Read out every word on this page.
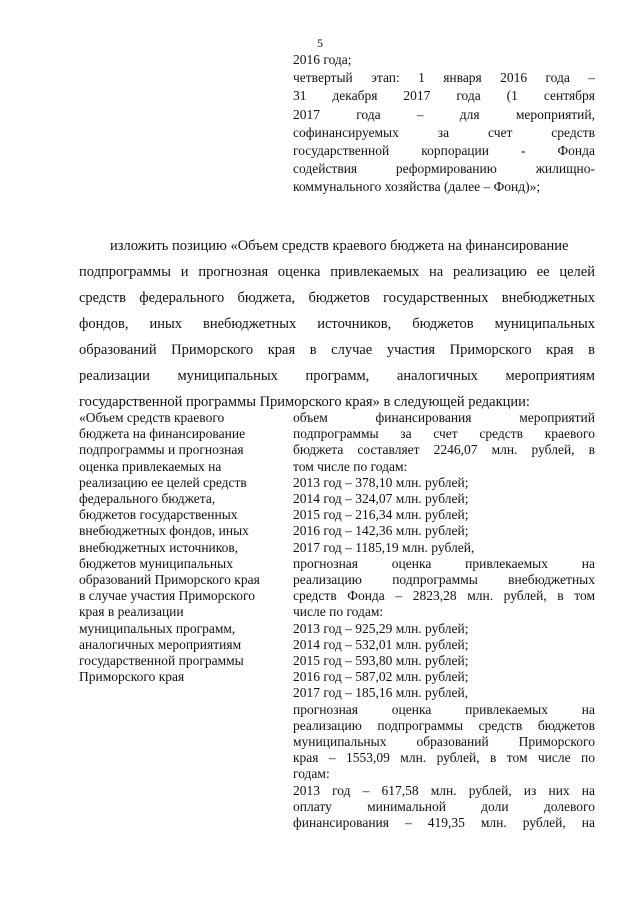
5
2016 года;
четвертый этап: 1 января 2016 года –
31 декабря 2017 года (1 сентября
2017 года – для мероприятий,
софинансируемых за счет средств
государственной корпорации - Фонда
содействия реформированию жилищно-
коммунального хозяйства (далее – Фонд)»;
изложить позицию «Объем средств краевого бюджета на финансирование
подпрограммы и прогнозная оценка привлекаемых на реализацию ее целей
средств федерального бюджета, бюджетов государственных внебюджетных
фондов, иных внебюджетных источников, бюджетов муниципальных
образований Приморского края в случае участия Приморского края в
реализации муниципальных программ, аналогичных мероприятиям
государственной программы Приморского края» в следующей редакции:
«Объем средств краевого
бюджета на финансирование
подпрограммы и прогнозная
оценка привлекаемых на
реализацию ее целей средств
федерального бюджета,
бюджетов государственных
внебюджетных фондов, иных
внебюджетных источников,
бюджетов муниципальных
образований Приморского края
в случае участия Приморского
края в реализации
муниципальных программ,
аналогичных мероприятиям
государственной программы
Приморского края
объем финансирования мероприятий
подпрограммы за счет средств краевого
бюджета составляет 2246,07 млн. рублей, в
том числе по годам:
2013 год – 378,10 млн. рублей;
2014 год – 324,07 млн. рублей;
2015 год – 216,34 млн. рублей;
2016 год – 142,36 млн. рублей;
2017 год – 1185,19 млн. рублей,
прогнозная оценка привлекаемых на
реализацию подпрограммы внебюджетных
средств Фонда – 2823,28 млн. рублей, в том
числе по годам:
2013 год – 925,29 млн. рублей;
2014 год – 532,01 млн. рублей;
2015 год – 593,80 млн. рублей;
2016 год – 587,02 млн. рублей;
2017 год – 185,16 млн. рублей,
прогнозная оценка привлекаемых на
реализацию подпрограммы средств бюджетов
муниципальных образований Приморского
края – 1553,09 млн. рублей, в том числе по
годам:
2013 год – 617,58 млн. рублей, из них на
оплату минимальной доли долевого
финансирования – 419,35 млн. рублей, на
